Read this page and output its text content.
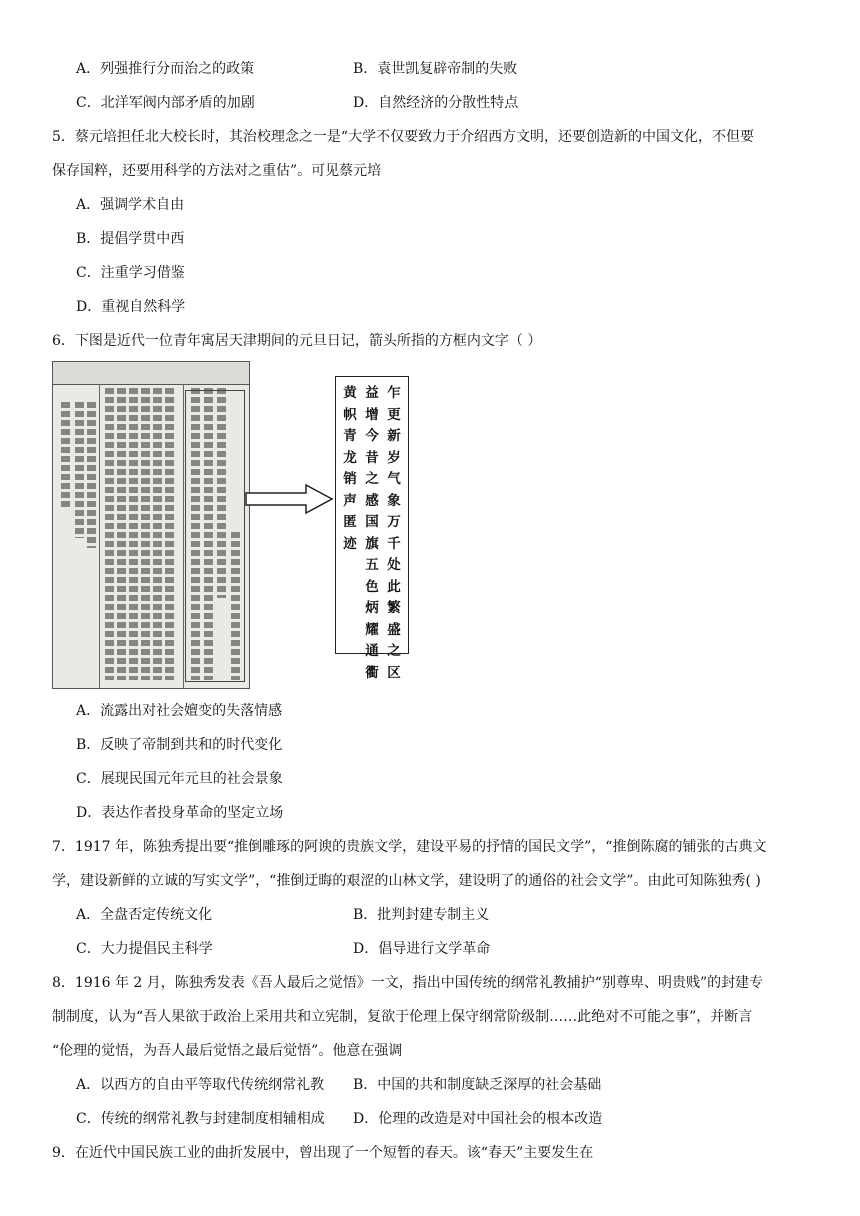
A．列强推行分而治之的政策	B．袁世凯复辟帝制的失败
C．北洋军阀内部矛盾的加剧	D．自然经济的分散性特点
5．蔡元培担任北大校长时，其治校理念之一是“大学不仅要致力于介绍西方文明，还要创造新的中国文化，不但要
保存国粹，还要用科学的方法对之重估”。可见蔡元培
A．强调学术自由
B．提倡学贯中西
C．注重学习借鉴
D．重视自然科学
6．下图是近代一位青年寓居天津期间的元旦日记，箭头所指的方框内文字（ ）
乍更新岁气象万千处此繁盛之区
益增今昔之感国旗五色炳耀通衢
黄帜青龙销声匿迹
A．流露出对社会嬗变的失落情感
B．反映了帝制到共和的时代变化
C．展现民国元年元旦的社会景象
D．表达作者投身革命的坚定立场
7．1917 年，陈独秀提出要“推倒雕琢的阿谀的贵族文学，建设平易的抒情的国民文学”，“推倒陈腐的铺张的古典文
学，建设新鲜的立诚的写实文学”，“推倒迂晦的艰涩的山林文学，建设明了的通俗的社会文学”。由此可知陈独秀( )
A．全盘否定传统文化	B．批判封建专制主义
C．大力提倡民主科学	D．倡导进行文学革命
8．1916 年 2 月，陈独秀发表《吾人最后之觉悟》一文，指出中国传统的纲常礼教捕护“别尊卑、明贵贱”的封建专
制制度，认为“吾人果欲于政治上采用共和立宪制，复欲于伦理上保守纲常阶级制……此绝对不可能之事”，并断言
“伦理的觉悟，为吾人最后觉悟之最后觉悟”。他意在强调
A．以西方的自由平等取代传统纲常礼教 B．中国的共和制度缺乏深厚的社会基础
C．传统的纲常礼教与封建制度相辅相成 D．伦理的改造是对中国社会的根本改造
9．在近代中国民族工业的曲折发展中，曾出现了一个短暂的春天。该“春天”主要发生在
